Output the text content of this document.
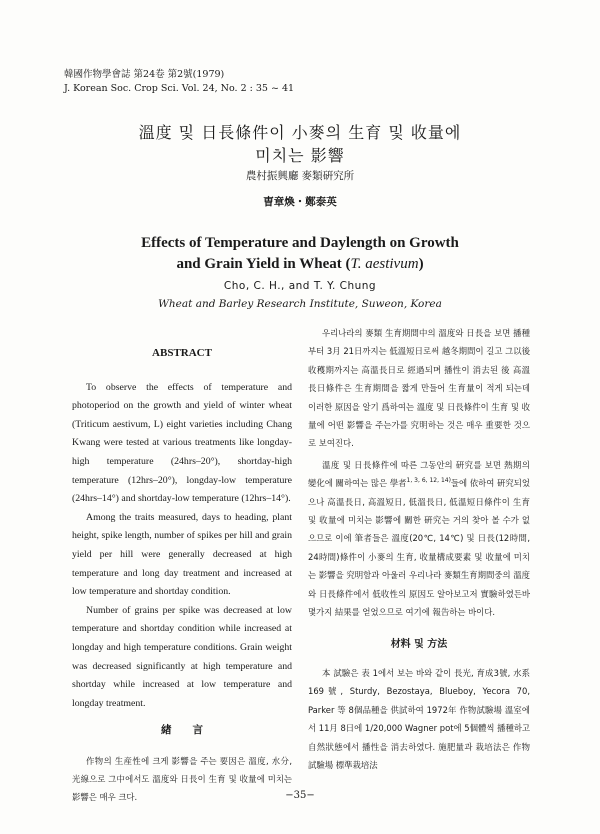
韓國作物學會誌 第24卷 第2號(1979)
J. Korean Soc. Crop Sci. Vol. 24, No. 2 : 35 ~ 41
溫度 및 日長條件이 小麥의 生育 및 收量에
미치는 影響
農村振興廳 麥類硏究所
曺章煥・鄭泰英
Effects of Temperature and Daylength on Growth
and Grain Yield in Wheat (T. aestivum)
Cho, C. H., and T. Y. Chung
Wheat and Barley Research Institute, Suweon, Korea

ABSTRACT

To observe the effects of temperature and photoperiod on the growth and yield of winter wheat (Triticum aestivum, L) eight varieties including Chang Kwang were tested at various treatments like longday-high temperature (24hrs–20°), shortday-high temperature (12hrs–20°), longday-low temperature (24hrs–14°) and shortday-low temperature (12hrs–14°).

Among the traits measured, days to heading, plant height, spike length, number of spikes per hill and grain yield per hill were generally decreased at high temperature and long day treatment and increased at low temperature and shortday condition.

Number of grains per spike was decreased at low temperature and shortday condition while increased at longday and high temperature conditions. Grain weight was decreased significantly at high temperature and shortday while increased at low temperature and longday treatment.

緖　　言

作物의 生産性에 크게 影響을 주는 要因은 溫度, 水分, 光線으로 그中에서도 溫度와 日長이 生育 및 收量에 미치는 影響은 매우 크다.

우리나라의 麥類 生育期間中의 溫度와 日長을 보면 播種부터 3月 21日까지는 低溫短日로써 越冬期間이 길고 그以後 收穫期까지는 高溫長日로 經過되며 播性이 消去된 後 高溫長日條件은 生育期間을 짧게 만들어 生育量이 적게 되는데 이러한 原因을 알기 爲하여는 溫度 및 日長條件이 生育 및 收量에 어떤 影響을 주는가를 究明하는 것은 매우 重要한 것으로 보여진다.

溫度 및 日長條件에 따른 그동안의 硏究를 보면 熱期의 變化에 關하여는 많은 學者$^{1, 3, 6, 12, 14)}$들에 依하여 硏究되었으나 高溫長日, 高溫短日, 低溫長日, 低溫短日條件이 生育 및 收量에 미치는 影響에 關한 硏究는 거의 찾아 볼 수가 없으므로 이에 筆者들은 溫度(20℃, 14℃) 및 日長(12時間, 24時間)條件이 小麥의 生育, 收量構成要素 및 收量에 미치는 影響을 究明함과 아울러 우리나라 麥類生育期間중의 溫度와 日長條件에서 低收性의 原因도 알아보고저 實驗하였든바 몇가지 結果를 얻었으므로 여기에 報告하는 바이다.

材料 및 方法

本 試驗은 表 1에서 보는 바와 같이 長光, 育成3號, 水系169號, Sturdy, Bezostaya, Blueboy, Yecora 70, Parker 等 8個品種을 供試하여 1972年 作物試驗場 溫室에서 11月 8日에 1/20,000 Wagner pot에 5個體씩 播種하고 自然狀態에서 播性을 消去하였다. 施肥量과 栽培法은 作物試驗場 標準栽培法

−35−
